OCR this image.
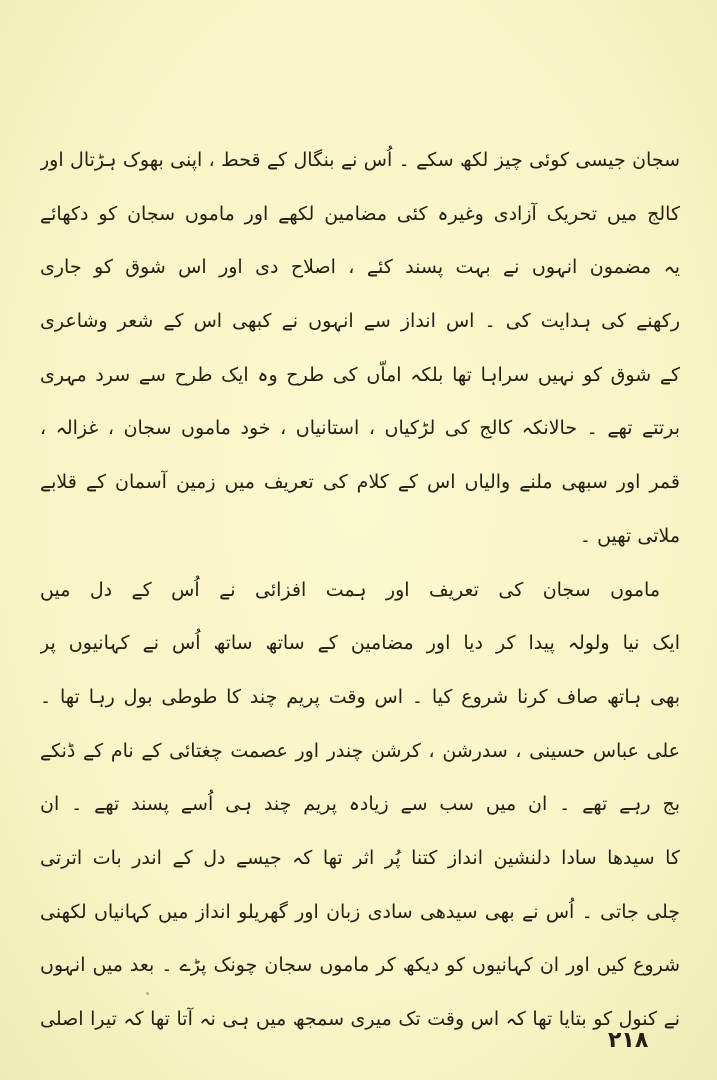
سجان جیسی کوئی چیز لکھ سکے ۔ اُس نے بنگال کے قحط ، اپنی بھوک ہڑتال اور
کالج میں تحریک آزادی وغیرہ کئی مضامین لکھے اور ماموں سجان کو دکھائے
یہ مضمون انہوں نے بہت پسند کئے ، اصلاح دی اور اس شوق کو جاری
رکھنے کی ہدایت کی ۔ اس انداز سے انہوں نے کبھی اس کے شعر وشاعری
کے شوق کو نہیں سراہا تھا بلکہ اماّں کی طرح وہ ایک طرح سے سرد مہری
برتتے تھے ۔ حالانکہ کالج کی لڑکیاں ، استانیاں ، خود ماموں سجان ، غزالہ ،
قمر اور سبھی ملنے والیاں اس کے کلام کی تعریف میں زمین آسمان کے قلابے
ملاتی تھیں ۔
ماموں سجان کی تعریف اور ہمت افزائی نے اُس کے دل میں
ایک نیا ولولہ پیدا کر دیا اور مضامین کے ساتھ ساتھ اُس نے کہانیوں پر
بھی ہاتھ صاف کرنا شروع کیا ۔ اس وقت پریم چند کا طوطی بول رہا تھا ۔
علی عباس حسینی ، سدرشن ، کرشن چندر اور عصمت چغتائی کے نام کے ڈنکے
بج رہے تھے ۔ ان میں سب سے زیادہ پریم چند ہی اُسے پسند تھے ۔ ان
کا سیدھا سادا دلنشین انداز کتنا پُر اثر تھا کہ جیسے دل کے اندر بات اترتی
چلی جاتی ۔ اُس نے بھی سیدھی سادی زبان اور گھریلو انداز میں کہانیاں لکھنی
شروع کیں اور ان کہانیوں کو دیکھ کر ماموں سجان چونک پڑے ۔ بعد میں انہوں
نے کنول کو بتایا تھا کہ اس وقت تک میری سمجھ میں ہی نہ آتا تھا کہ تیرا اصلی
۲۱۸
